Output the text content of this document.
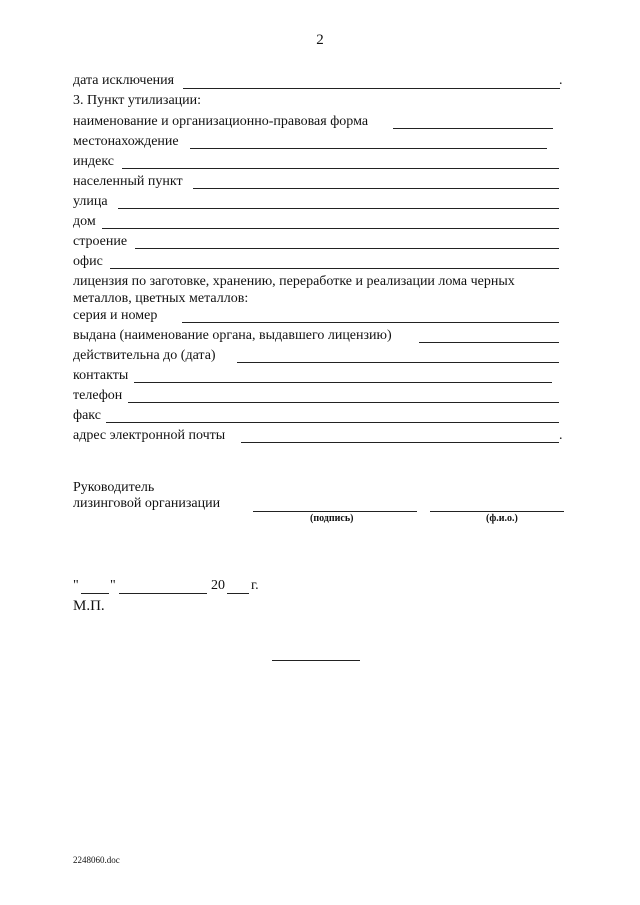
2
дата исключения	.
3. Пункт утилизации:
наименование и организационно-правовая форма
местонахождение
индекс
населенный пункт
улица
дом
строение
офис
лицензия по заготовке, хранению, переработке и реализации лома черных
металлов, цветных металлов:
серия и номер
выдана (наименование органа, выдавшего лицензию)
действительна до (дата)
контакты
телефон
факс
адрес электронной почты	.
Руководитель
лизинговой организации
(подпись)	(ф.и.о.)
" "	20 г.
М.П.
2248060.doc
